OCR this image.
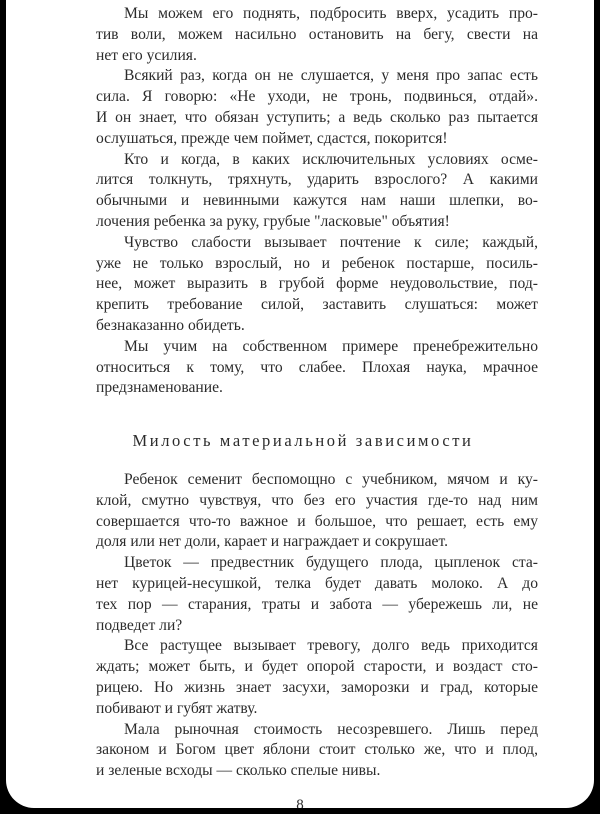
Мы можем его поднять, подбросить вверх, усадить про-
тив воли, можем насильно остановить на бегу, свести на
нет его усилия.
Всякий раз, когда он не слушается, у меня про запас есть
сила. Я говорю: «Не уходи, не тронь, подвинься, отдай».
И он знает, что обязан уступить; а ведь сколько раз пытается
ослушаться, прежде чем поймет, сдастся, покорится!
Кто и когда, в каких исключительных условиях осме-
лится толкнуть, тряхнуть, ударить взрослого? А какими
обычными и невинными кажутся нам наши шлепки, во-
лочения ребенка за руку, грубые "ласковые" объятия!
Чувство слабости вызывает почтение к силе; каждый,
уже не только взрослый, но и ребенок постарше, посиль-
нее, может выразить в грубой форме неудовольствие, под-
крепить требование силой, заставить слушаться: может
безнаказанно обидеть.
Мы учим на собственном примере пренебрежительно
относиться к тому, что слабее. Плохая наука, мрачное
предзнаменование.
Милость материальной зависимости
Ребенок семенит беспомощно с учебником, мячом и ку-
клой, смутно чувствуя, что без его участия где-то над ним
совершается что-то важное и большое, что решает, есть ему
доля или нет доли, карает и награждает и сокрушает.
Цветок — предвестник будущего плода, цыпленок ста-
нет курицей-несушкой, телка будет давать молоко. А до
тех пор — старания, траты и забота — убережешь ли, не
подведет ли?
Все растущее вызывает тревогу, долго ведь приходится
ждать; может быть, и будет опорой старости, и воздаст сто-
рицею. Но жизнь знает засухи, заморозки и град, которые
побивают и губят жатву.
Мала рыночная стоимость несозревшего. Лишь перед
законом и Богом цвет яблони стоит столько же, что и плод,
и зеленые всходы — сколько спелые нивы.
8
